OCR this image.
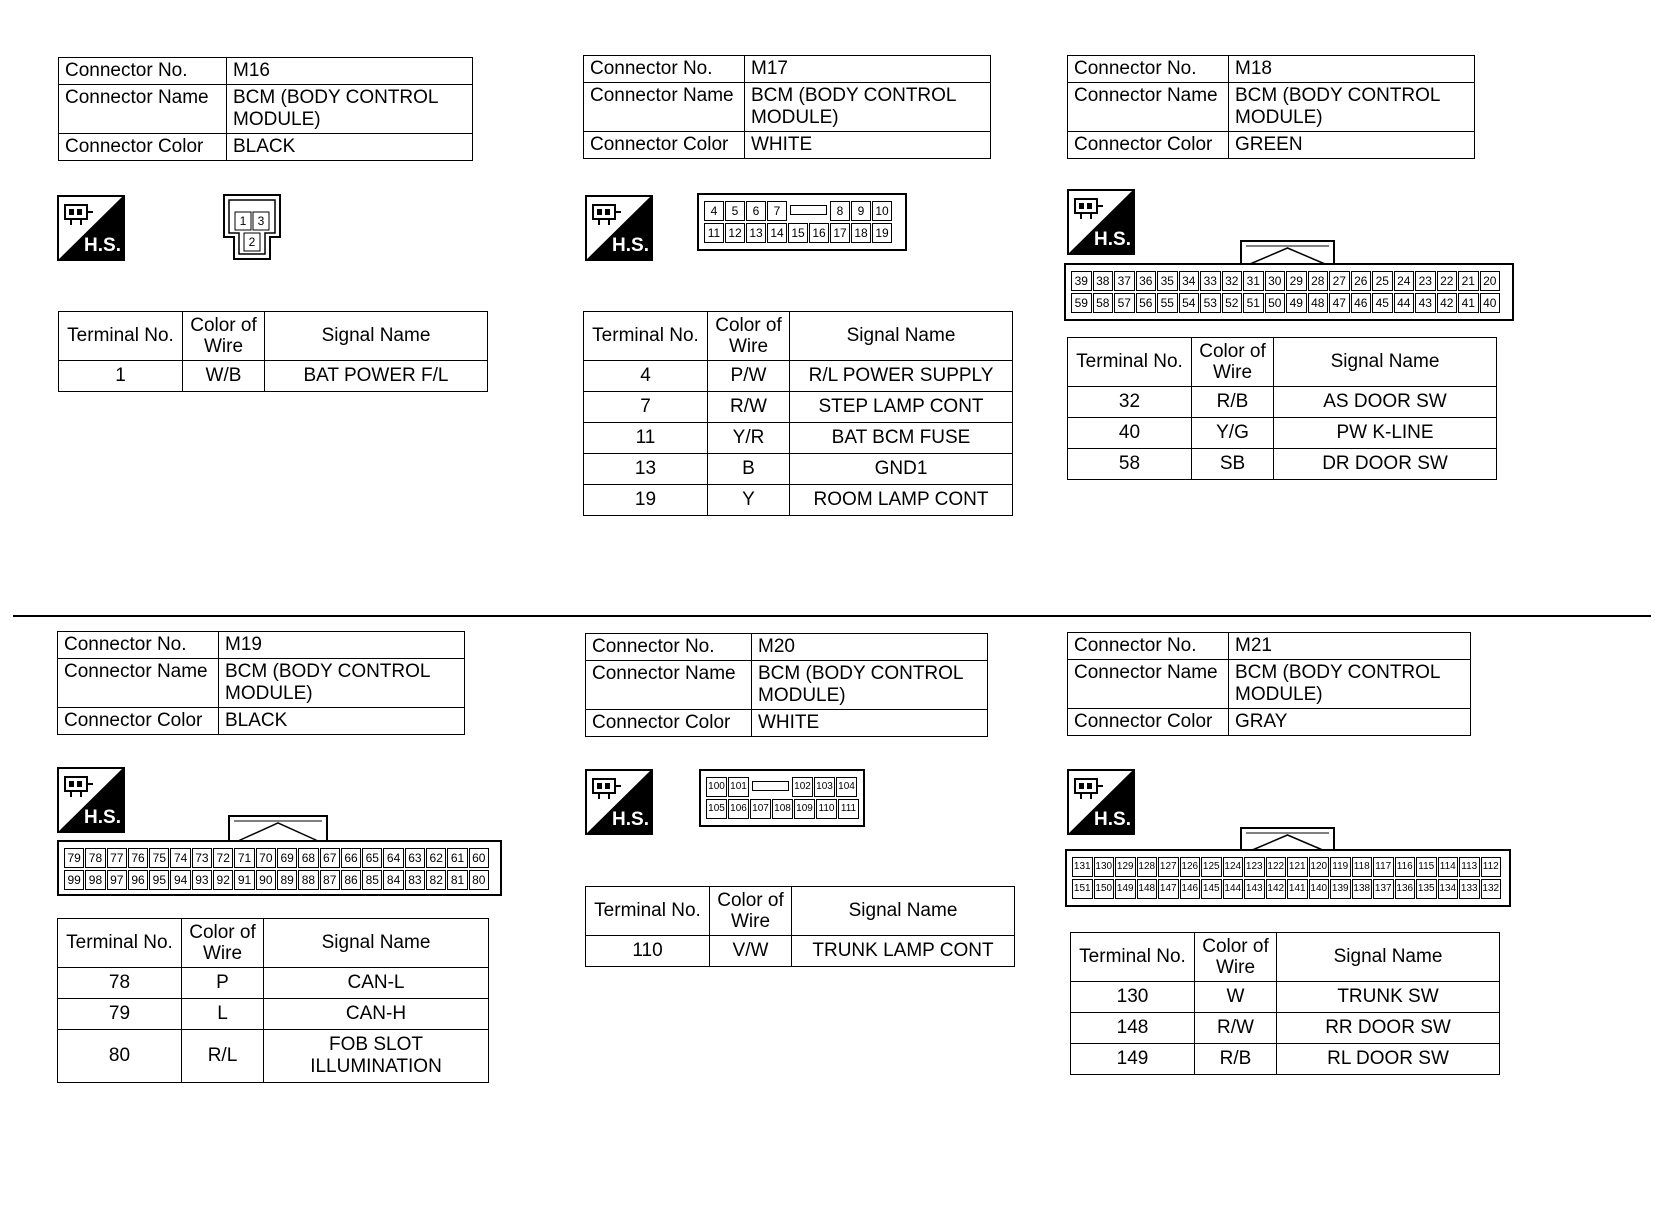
Connector No.	M16
Connector Name	BCM (BODY CONTROL MODULE)
Connector Color	BLACK
H.S.
1 3
2
Terminal No.	Color of Wire	Signal Name
1	W/B	BAT POWER F/L
Connector No.	M17
Connector Name	BCM (BODY CONTROL MODULE)
Connector Color	WHITE
H.S.
4	5	6	7	8	9 10
11 12 13 14 15 16 17 18 19
Terminal No.	Color of Wire	Signal Name
4	P/W	R/L POWER SUPPLY
7	R/W	STEP LAMP CONT
11	Y/R	BAT BCM FUSE
13	B	GND1
19	Y	ROOM LAMP CONT
Connector No.	M18
Connector Name	BCM (BODY CONTROL MODULE)
Connector Color	GREEN
H.S.
39 38 37 36 35 34 33 32 31 30 29 28 27 26 25 24 23 22 21 20
59 58 57 56 55 54 53 52 51 50 49 48 47 46 45 44 43 42 41 40
Terminal No.	Color of Wire	Signal Name
32	R/B	AS DOOR SW
40	Y/G	PW K-LINE
58	SB	DR DOOR SW
Connector No.	M19
Connector Name	BCM (BODY CONTROL MODULE)
Connector Color	BLACK
H.S.
79 78 77 76 75 74 73 72 71 70 69 68 67 66 65 64 63 62 61 60
99 98 97 96 95 94 93 92 91 90 89 88 87 86 85 84 83 82 81 80
Terminal No.	Color of Wire	Signal Name
78	P	CAN-L
79	L	CAN-H
80	R/L	FOB SLOT ILLUMINATION
Connector No.	M20
Connector Name	BCM (BODY CONTROL MODULE)
Connector Color	WHITE
H.S.
100 101	102 103 104
105 106 107 108 109 110 111
Terminal No.	Color of Wire	Signal Name
110	V/W	TRUNK LAMP CONT
Connector No.	M21
Connector Name	BCM (BODY CONTROL MODULE)
Connector Color	GRAY
H.S.
131 130 129 128 127 126 125 124 123 122 121 120 119 118 117 116 115 114 113 112
151 150 149 148 147 146 145 144 143 142 141 140 139 138 137 136 135 134 133 132
Terminal No.	Color of Wire	Signal Name
130	W	TRUNK SW
148	R/W	RR DOOR SW
149	R/B	RL DOOR SW
